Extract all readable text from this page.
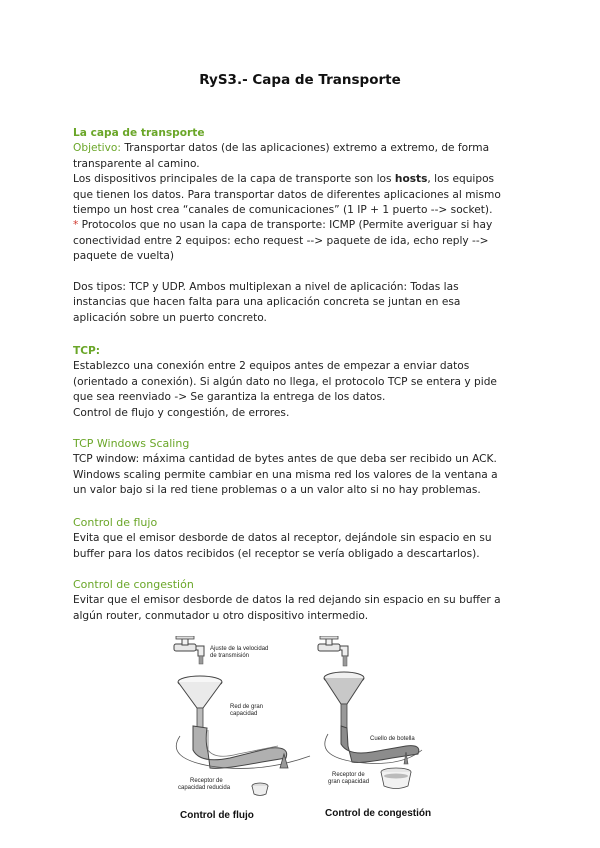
RyS3.- Capa de Transporte

La capa de transporte

Objetivo: Transportar datos (de las aplicaciones) extremo a extremo, de forma

transparente al camino.

Los dispositivos principales de la capa de transporte son los hosts, los equipos

que tienen los datos. Para transportar datos de diferentes aplicaciones al mismo

tiempo un host crea “canales de comunicaciones” (1 IP + 1 puerto --> socket).

* Protocolos que no usan la capa de transporte: ICMP (Permite averiguar si hay

conectividad entre 2 equipos: echo request --> paquete de ida, echo reply -->

paquete de vuelta)

Dos tipos: TCP y UDP. Ambos multiplexan a nivel de aplicación: Todas las

instancias que hacen falta para una aplicación concreta se juntan en esa

aplicación sobre un puerto concreto.

TCP:

Establezco una conexión entre 2 equipos antes de empezar a enviar datos

(orientado a conexión). Si algún dato no llega, el protocolo TCP se entera y pide

que sea reenviado -> Se garantiza la entrega de los datos.

Control de flujo y congestión, de errores.

TCP Windows Scaling

TCP window: máxima cantidad de bytes antes de que deba ser recibido un ACK.

Windows scaling permite cambiar en una misma red los valores de la ventana a

un valor bajo si la red tiene problemas o a un valor alto si no hay problemas.

Control de flujo

Evita que el emisor desborde de datos al receptor, dejándole sin espacio en su

buffer para los datos recibidos (el receptor se vería obligado a descartarlos).

Control de congestión

Evitar que el emisor desborde de datos la red dejando sin espacio en su buffer a

algún router, conmutador u otro dispositivo intermedio.

Ajuste de la velocidad
de transmisión
Red de gran
capacidad
Receptor de
capacidad reducida
Control de flujo
Cuello de botella
Receptor de
gran capacidad
Control de congestión
